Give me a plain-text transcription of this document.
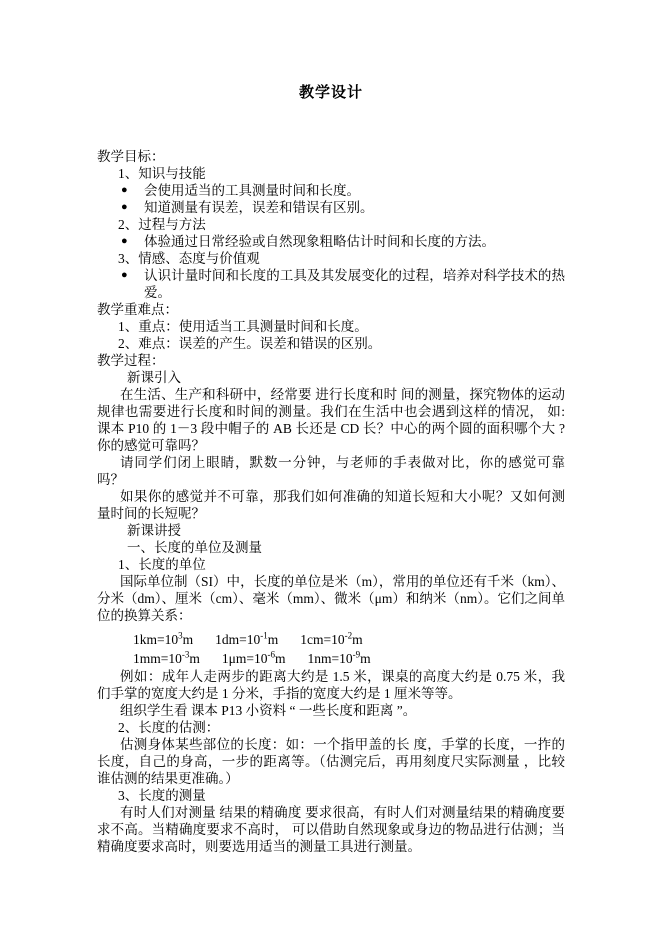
教学设计
教学目标：
1、知识与技能
● 会使用适当的工具测量时间和长度。
● 知道测量有误差，误差和错误有区别。
2、过程与方法
● 体验通过日常经验或自然现象粗略估计时间和长度的方法。
3、情感、态度与价值观
● 认识计量时间和长度的工具及其发展变化的过程，培养对科学技术的热爱。
教学重难点：
1、重点：使用适当工具测量时间和长度。
2、难点：误差的产生。误差和错误的区别。
教学过程：
新课引入
在生活、生产和科研中，经常要 进行长度和时 间的测量，探究物体的运动规律也需要进行长度和时间的测量。我们在生活中也会遇到这样的情况， 如: 课本 P10 的 1－3 段中帽子的 AB 长还是 CD 长？中心的两个圆的面积哪个大 ?你的感觉可靠吗？
请同学们闭上眼睛，默数一分钟，与老师的手表做对比，你的感觉可靠吗？
如果你的感觉并不可靠，那我们如何准确的知道长短和大小呢？又如何测量时间的长短呢？
新课讲授
一、长度的单位及测量
1、长度的单位
国际单位制（SI）中，长度的单位是米（m），常用的单位还有千米（km）、分米（dm）、厘米（cm）、毫米（mm）、微米（μm）和纳米（nm）。它们之间单位的换算关系：
$1km=10^3m$ $1dm=10^{-1}m$ $1cm=10^{-2}m$
$1mm=10^{-3}m$ $1\mu m=10^{-6}m$ $1nm=10^{-9}m$
例如：成年人走两步的距离大约是 1.5 米，课桌的高度大约是 0.75 米，我们手掌的宽度大约是 1 分米，手指的宽度大约是 1 厘米等等。
组织学生看 课本 P13 小资料 “ 一些长度和距离 ”。
2、长度的估测：
估测身体某些部位的长度：如：一个指甲盖的长 度，手掌的长度，一拃的长度，自己的身高，一步的距离等。（估测完后，再用刻度尺实际测量 ，比较谁估测的结果更准确。）
3、长度的测量
有时人们对测量 结果的精确度 要求很高，有时人们对测量结果的精确度要求不高。当精确度要求不高时， 可以借助自然现象或身边的物品进行估测；当精确度要求高时，则要选用适当的测量工具进行测量。
